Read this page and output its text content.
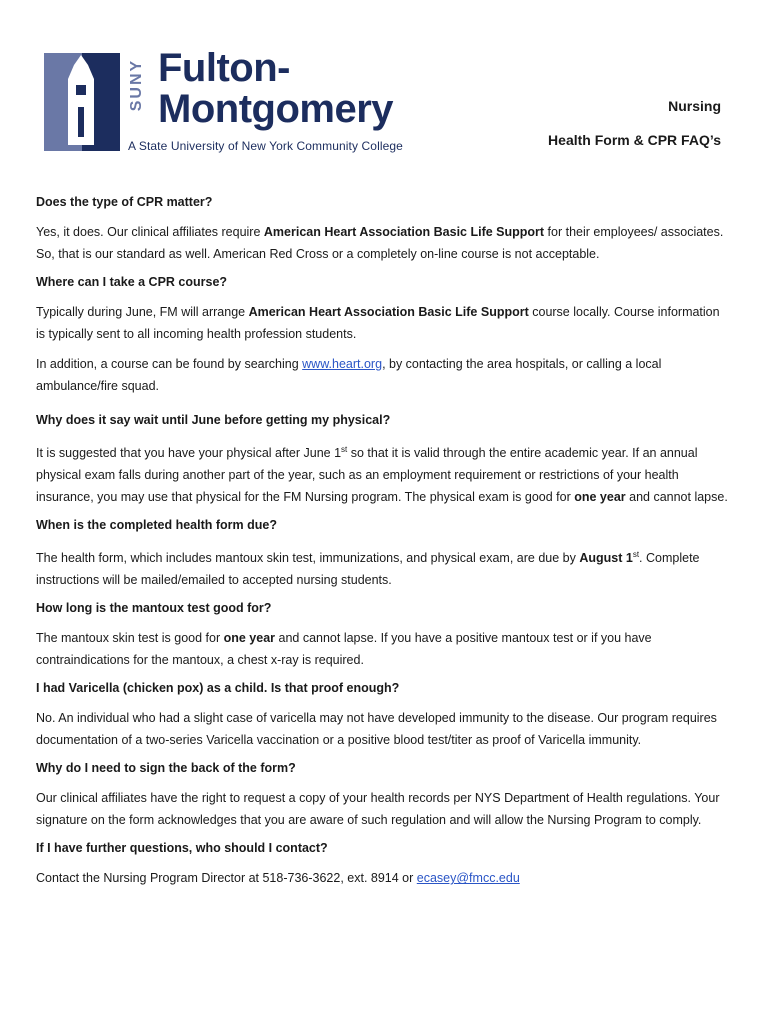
SUNY Fulton-
Montgomery
A State University of New York Community College
Nursing
Health Form & CPR FAQ’s
Does the type of CPR matter?
Yes, it does. Our clinical affiliates require American Heart Association Basic Life Support for their employees/ associates. So, that is our standard as well. American Red Cross or a completely on-line course is not acceptable.
Where can I take a CPR course?
Typically during June, FM will arrange American Heart Association Basic Life Support course locally. Course information is typically sent to all incoming health profession students.
In addition, a course can be found by searching www.heart.org, by contacting the area hospitals, or calling a local ambulance/fire squad.
Why does it say wait until June before getting my physical?
It is suggested that you have your physical after June 1st so that it is valid through the entire academic year. If an annual physical exam falls during another part of the year, such as an employment requirement or restrictions of your health insurance, you may use that physical for the FM Nursing program. The physical exam is good for one year and cannot lapse.
When is the completed health form due?
The health form, which includes mantoux skin test, immunizations, and physical exam, are due by August 1st. Complete instructions will be mailed/emailed to accepted nursing students.
How long is the mantoux test good for?
The mantoux skin test is good for one year and cannot lapse. If you have a positive mantoux test or if you have contraindications for the mantoux, a chest x-ray is required.
I had Varicella (chicken pox) as a child. Is that proof enough?
No. An individual who had a slight case of varicella may not have developed immunity to the disease. Our program requires documentation of a two-series Varicella vaccination or a positive blood test/titer as proof of Varicella immunity.
Why do I need to sign the back of the form?
Our clinical affiliates have the right to request a copy of your health records per NYS Department of Health regulations. Your signature on the form acknowledges that you are aware of such regulation and will allow the Nursing Program to comply.
If I have further questions, who should I contact?
Contact the Nursing Program Director at 518-736-3622, ext. 8914 or ecasey@fmcc.edu
